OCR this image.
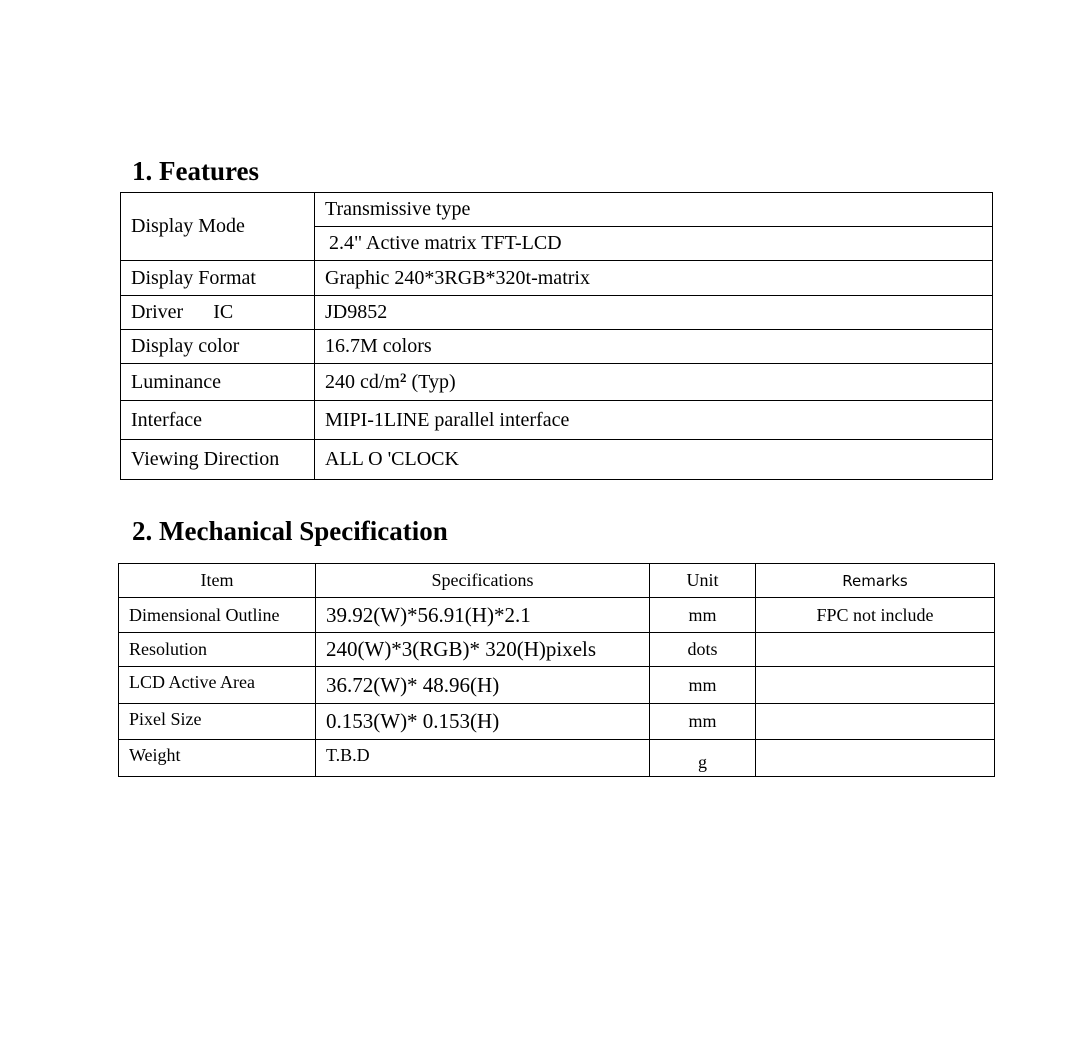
1. Features
Display Mode	Transmissive type
	2.4" Active matrix TFT-LCD
Display Format	Graphic 240*3RGB*320t-matrix
Driver      IC	JD9852
Display color	16.7M colors
Luminance	240 $cd/m^2$ (Typ)
Interface	MIPI-1LINE parallel interface
Viewing Direction	ALL O 'CLOCK
2. Mechanical Specification
Item	Specifications	Unit	Remarks
Dimensional Outline	39.92(W)*56.91(H)*2.1	mm	FPC not include
Resolution	240(W)*3(RGB)* 320(H)pixels	dots	
LCD Active Area	36.72(W)* 48.96(H)	mm	
Pixel Size	0.153(W)* 0.153(H)	mm	
Weight	T.B.D	g	
